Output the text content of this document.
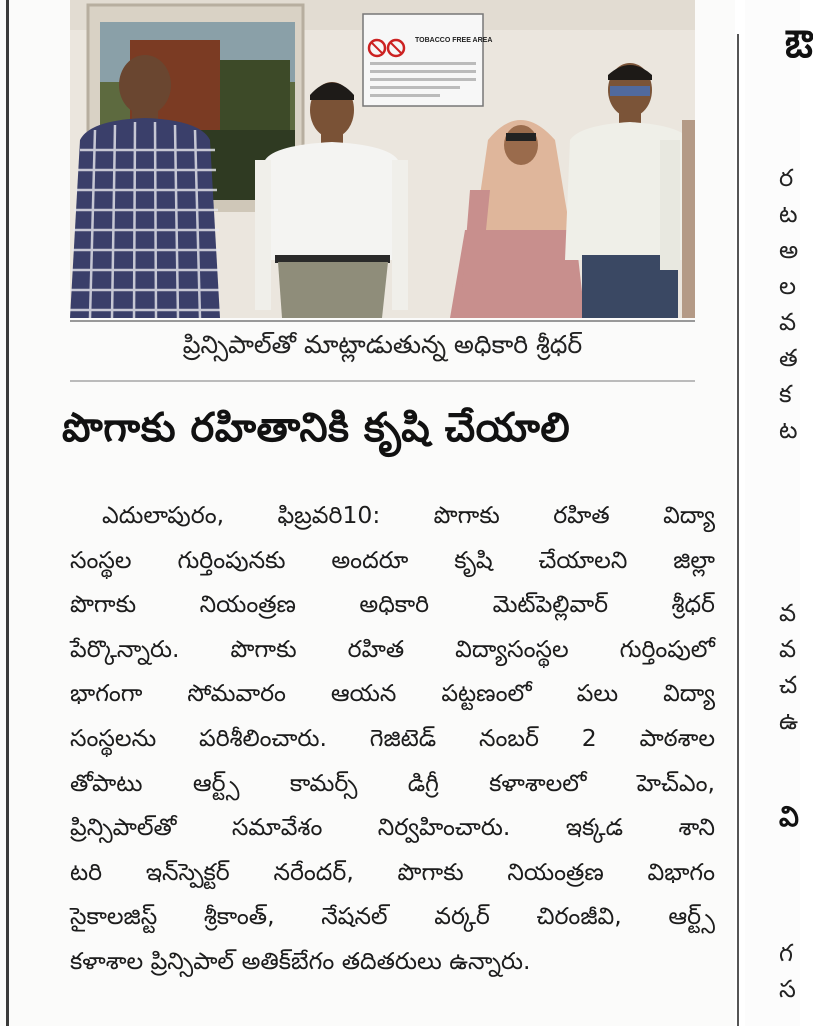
TOBACCO FREE AREA
ప్రిన్సిపాల్‌తో మాట్లాడుతున్న అధికారి శ్రీధర్
పొగాకు రహితానికి కృషి చేయాలి
ఎదులాపురం, ఫిబ్రవరి10: పొగాకు రహిత విద్యా
సంస్థల గుర్తింపునకు అందరూ కృషి చేయాలని జిల్లా
పొగాకు నియంత్రణ అధికారి మెట్‌పెల్లివార్ శ్రీధర్
పేర్కొన్నారు. పొగాకు రహిత విద్యాసంస్థల గుర్తింపులో
భాగంగా సోమవారం ఆయన పట్టణంలో పలు విద్యా
సంస్థలను పరిశీలించారు. గెజిటెడ్ నంబర్ 2 పాఠశాల
తోపాటు ఆర్ట్స్ కామర్స్ డిగ్రీ కళాశాలలో హెచ్‌ఎం,
ప్రిన్సిపాల్‌తో సమావేశం నిర్వహించారు. ఇక్కడ శాని
టరి ఇన్‌స్పెక్టర్ నరేందర్, పొగాకు నియంత్రణ విభాగం
సైకాలజిస్ట్ శ్రీకాంత్, నేషనల్ వర్కర్ చిరంజీవి, ఆర్ట్స్
కళాశాల ప్రిన్సిపాల్ అతిక్‌బేగం తదితరులు ఉన్నారు.
ఔ
ర
ట
అ
ల
వ
త
క
ట
వ
వ
చ
ఉ
వి
గ
స
